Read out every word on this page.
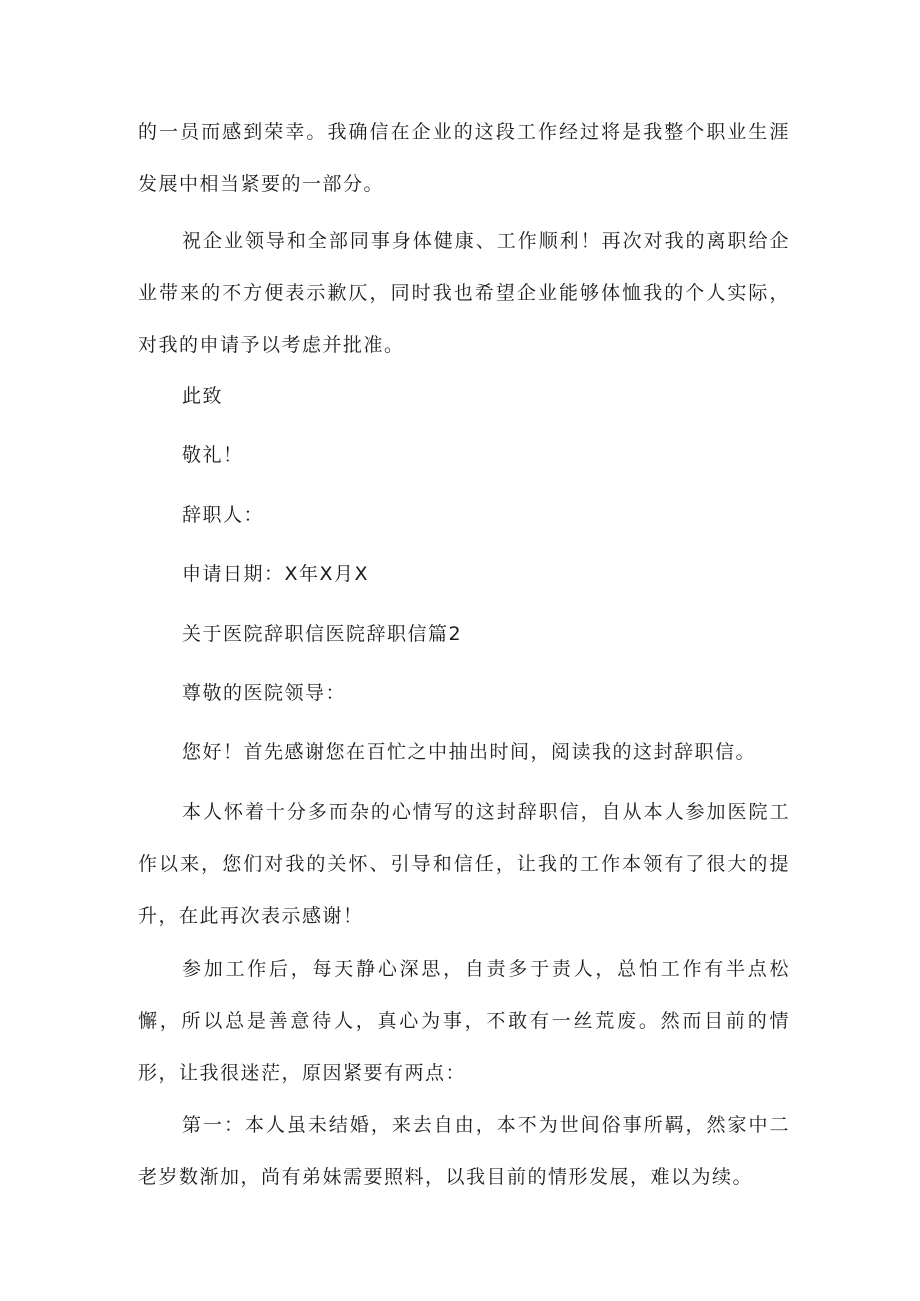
的一员而感到荣幸。我确信在企业的这段工作经过将是我整个职业生涯发展中相当紧要的一部分。

祝企业领导和全部同事身体健康、工作顺利！再次对我的离职给企业带来的不方便表示歉仄，同时我也希望企业能够体恤我的个人实际，对我的申请予以考虑并批准。

此致

敬礼！

辞职人：

申请日期：X年X月X

关于医院辞职信医院辞职信篇2

尊敬的医院领导：

您好！首先感谢您在百忙之中抽出时间，阅读我的这封辞职信。

本人怀着十分多而杂的心情写的这封辞职信，自从本人参加医院工作以来，您们对我的关怀、引导和信任，让我的工作本领有了很大的提升，在此再次表示感谢！

参加工作后，每天静心深思，自责多于责人，总怕工作有半点松懈，所以总是善意待人，真心为事，不敢有一丝荒废。然而目前的情形，让我很迷茫，原因紧要有两点：

第一：本人虽未结婚，来去自由，本不为世间俗事所羁，然家中二老岁数渐加，尚有弟妹需要照料，以我目前的情形发展，难以为续。
